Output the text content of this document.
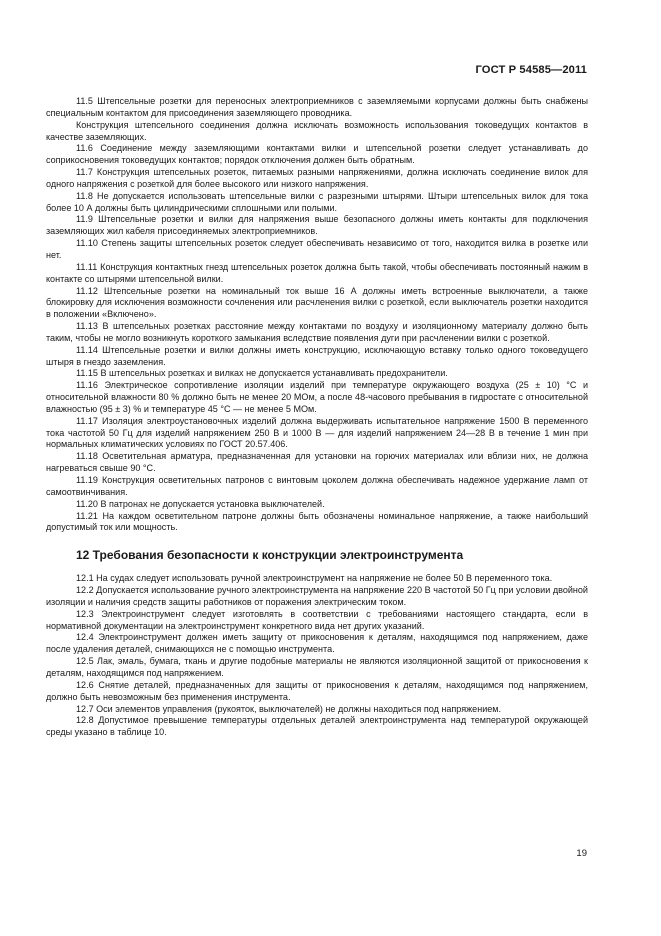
ГОСТ Р 54585—2011

11.5 Штепсельные розетки для переносных электроприемников с заземляемыми корпусами должны быть снабжены специальным контактом для присоединения заземляющего проводника.

Конструкция штепсельного соединения должна исключать возможность использования токоведущих контактов в качестве заземляющих.

11.6 Соединение между заземляющими контактами вилки и штепсельной розетки следует устанавливать до соприкосновения токоведущих контактов; порядок отключения должен быть обратным.

11.7 Конструкция штепсельных розеток, питаемых разными напряжениями, должна исключать соединение вилок для одного напряжения с розеткой для более высокого или низкого напряжения.

11.8 Не допускается использовать штепсельные вилки с разрезными штырями. Штыри штепсельных вилок для тока более 10 А должны быть цилиндрическими сплошными или полыми.

11.9 Штепсельные розетки и вилки для напряжения выше безопасного должны иметь контакты для подключения заземляющих жил кабеля присоединяемых электроприемников.

11.10 Степень защиты штепсельных розеток следует обеспечивать независимо от того, находится вилка в розетке или нет.

11.11 Конструкция контактных гнезд штепсельных розеток должна быть такой, чтобы обеспечивать постоянный нажим в контакте со штырями штепсельной вилки.

11.12 Штепсельные розетки на номинальный ток выше 16 А должны иметь встроенные выключатели, а также блокировку для исключения возможности сочленения или расчленения вилки с розеткой, если выключатель розетки находится в положении «Включено».

11.13 В штепсельных розетках расстояние между контактами по воздуху и изоляционному материалу должно быть таким, чтобы не могло возникнуть короткого замыкания вследствие появления дуги при расчленении вилки с розеткой.

11.14 Штепсельные розетки и вилки должны иметь конструкцию, исключающую вставку только одного токоведущего штыря в гнездо заземления.

11.15 В штепсельных розетках и вилках не допускается устанавливать предохранители.

11.16 Электрическое сопротивление изоляции изделий при температуре окружающего воздуха (25 ± 10) °С и относительной влажности 80 % должно быть не менее 20 МОм, а после 48-часового пребывания в гидростате с относительной влажностью (95 ± 3) % и температуре 45 °С — не менее 5 МОм.

11.17 Изоляция электроустановочных изделий должна выдерживать испытательное напряжение 1500 В переменного тока частотой 50 Гц для изделий напряжением 250 В и 1000 В — для изделий напряжением 24—28 В в течение 1 мин при нормальных климатических условиях по ГОСТ 20.57.406.

11.18 Осветительная арматура, предназначенная для установки на горючих материалах или вблизи них, не должна нагреваться свыше 90 °С.

11.19 Конструкция осветительных патронов с винтовым цоколем должна обеспечивать надежное удержание ламп от самоотвинчивания.

11.20 В патронах не допускается установка выключателей.

11.21 На каждом осветительном патроне должны быть обозначены номинальное напряжение, а также наибольший допустимый ток или мощность.

12 Требования безопасности к конструкции электроинструмента

12.1 На судах следует использовать ручной электроинструмент на напряжение не более 50 В переменного тока.

12.2 Допускается использование ручного электроинструмента на напряжение 220 В частотой 50 Гц при условии двойной изоляции и наличия средств защиты работников от поражения электрическим током.

12.3 Электроинструмент следует изготовлять в соответствии с требованиями настоящего стандарта, если в нормативной документации на электроинструмент конкретного вида нет других указаний.

12.4 Электроинструмент должен иметь защиту от прикосновения к деталям, находящимся под напряжением, даже после удаления деталей, снимающихся не с помощью инструмента.

12.5 Лак, эмаль, бумага, ткань и другие подобные материалы не являются изоляционной защитой от прикосновения к деталям, находящимся под напряжением.

12.6 Снятие деталей, предназначенных для защиты от прикосновения к деталям, находящимся под напряжением, должно быть невозможным без применения инструмента.

12.7 Оси элементов управления (рукояток, выключателей) не должны находиться под напряжением.

12.8 Допустимое превышение температуры отдельных деталей электроинструмента над температурой окружающей среды указано в таблице 10.

19
